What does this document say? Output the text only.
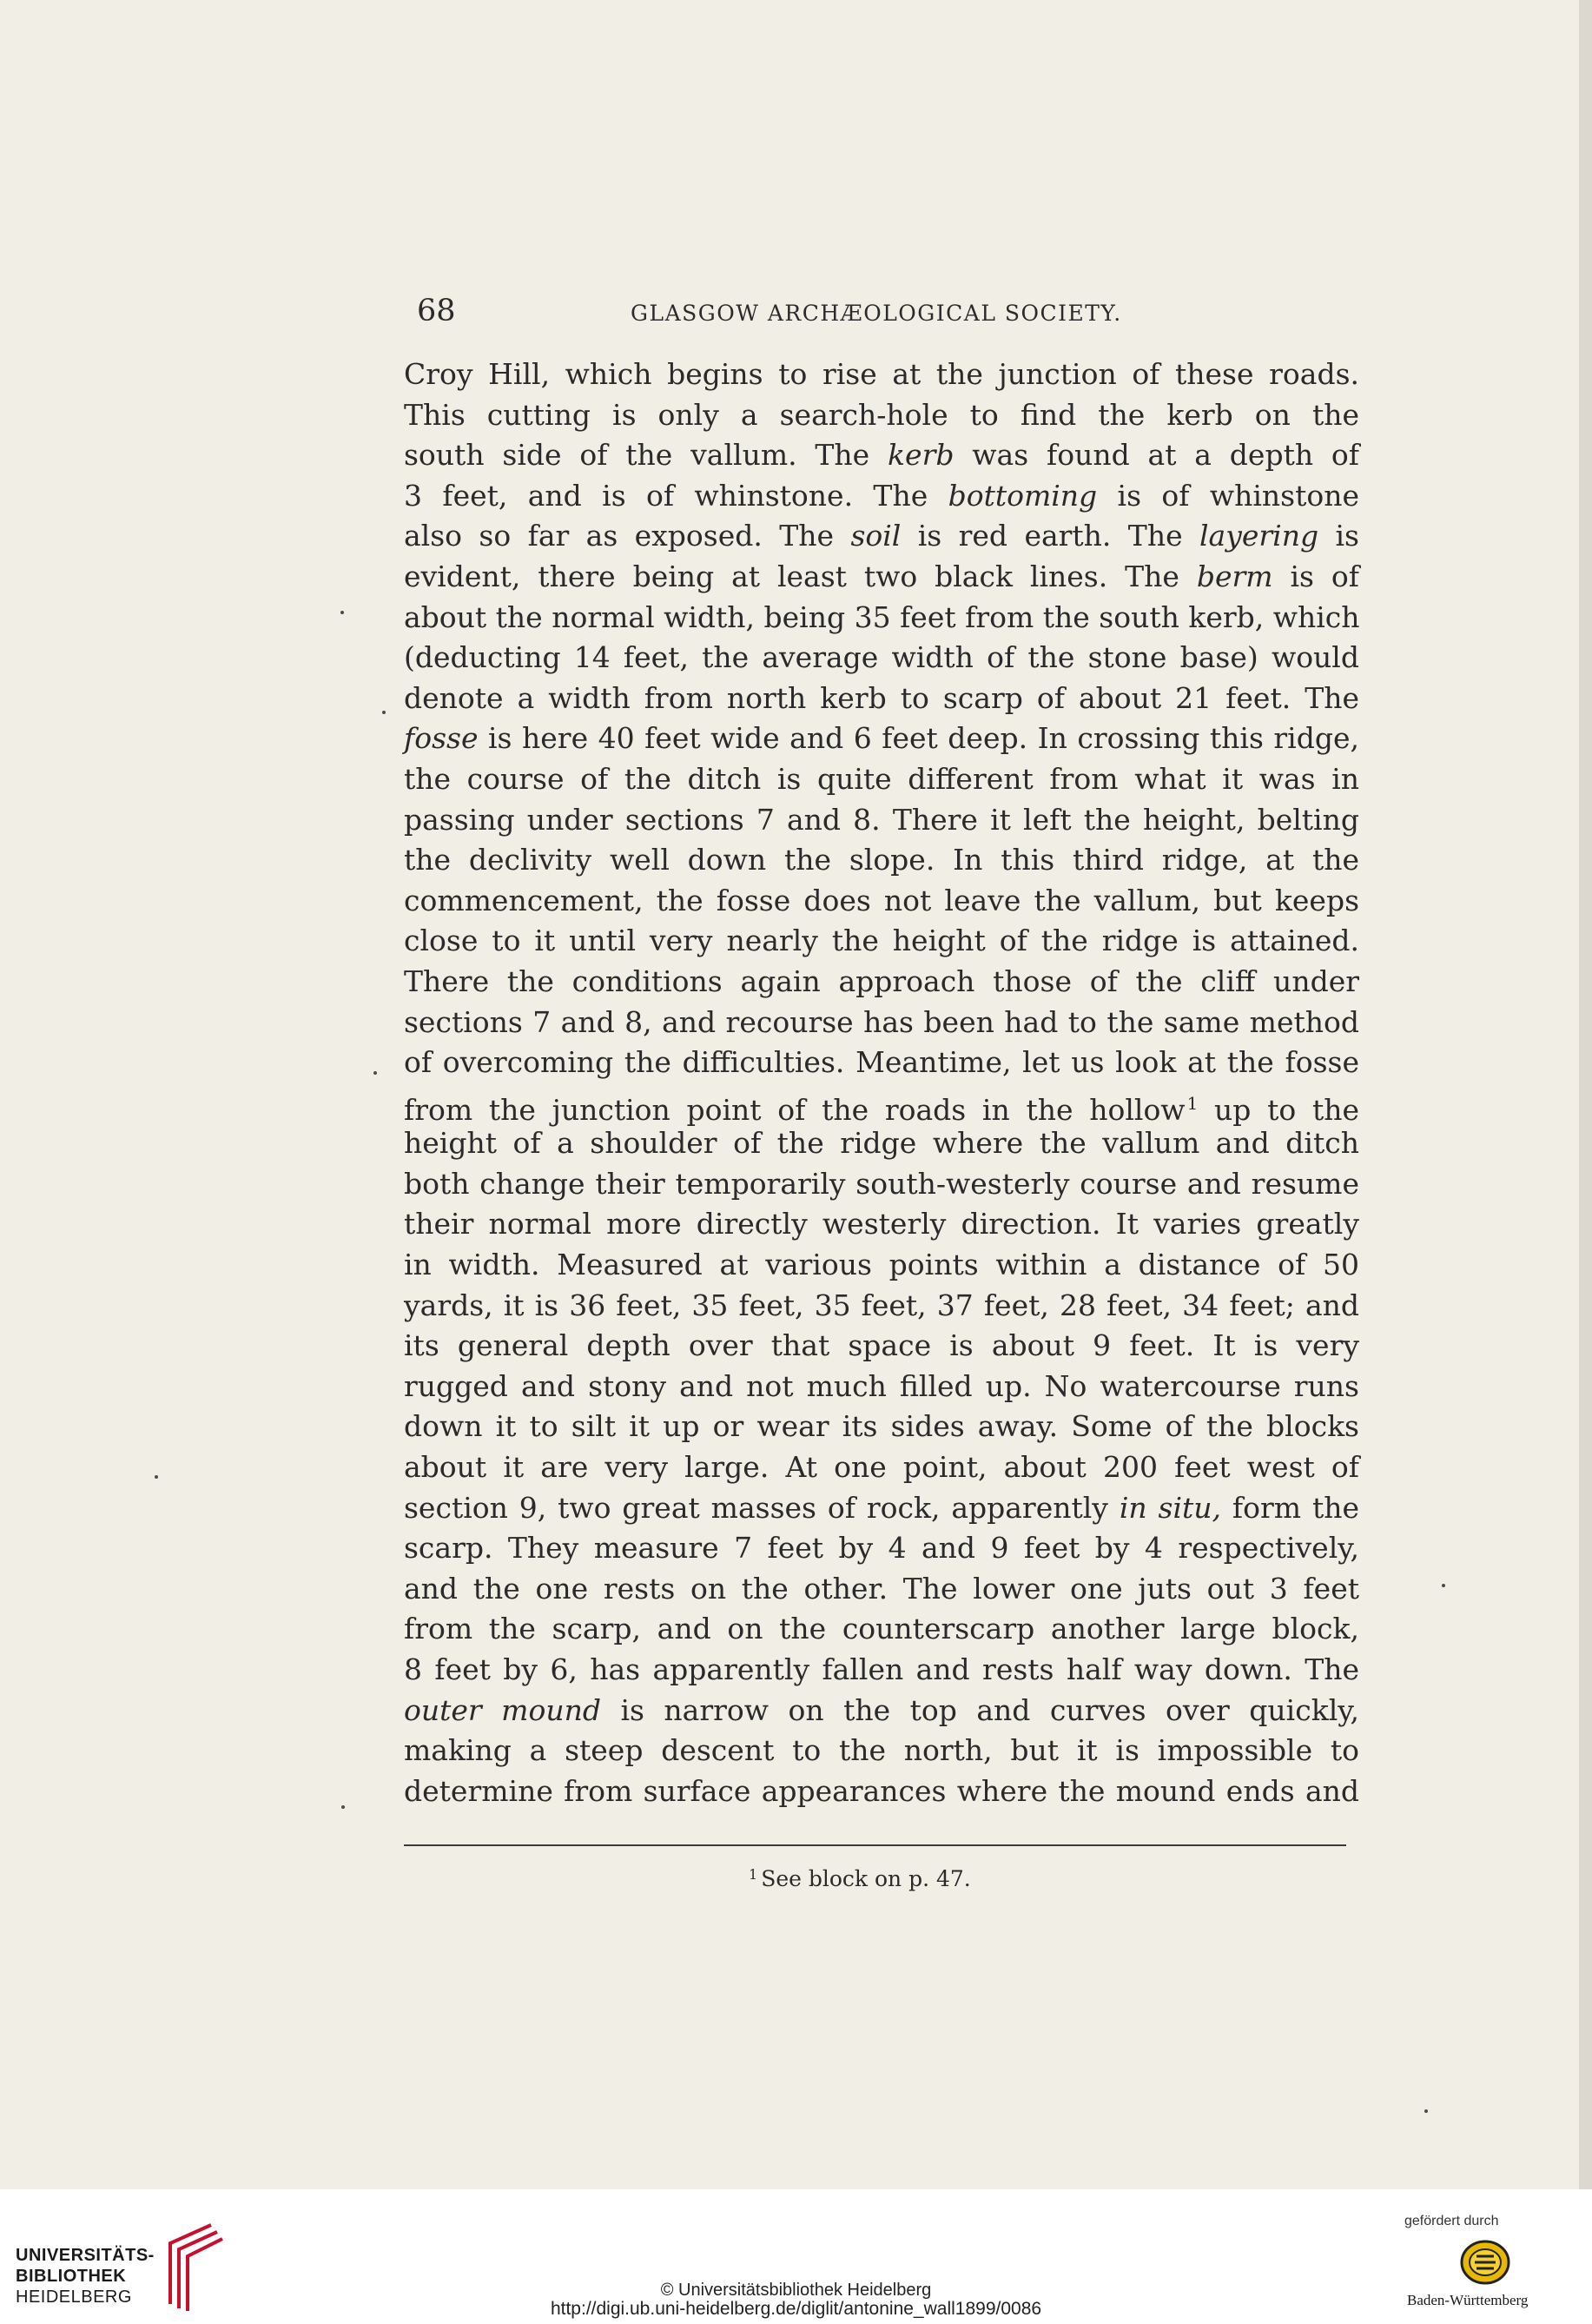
68	GLASGOW ARCHÆOLOGICAL SOCIETY.
Croy Hill, which begins to rise at the junction of these roads.
This cutting is only a search-hole to find the kerb on the
south side of the vallum. The kerb was found at a depth of
3 feet, and is of whinstone. The bottoming is of whinstone
also so far as exposed. The soil is red earth. The layering is
evident, there being at least two black lines. The berm is of
about the normal width, being 35 feet from the south kerb, which
(deducting 14 feet, the average width of the stone base) would
denote a width from north kerb to scarp of about 21 feet. The
fosse is here 40 feet wide and 6 feet deep. In crossing this ridge,
the course of the ditch is quite different from what it was in
passing under sections 7 and 8. There it left the height, belting
the declivity well down the slope. In this third ridge, at the
commencement, the fosse does not leave the vallum, but keeps
close to it until very nearly the height of the ridge is attained.
There the conditions again approach those of the cliff under
sections 7 and 8, and recourse has been had to the same method
of overcoming the difficulties. Meantime, let us look at the fosse
from the junction point of the roads in the hollow $^1$ up to the
height of a shoulder of the ridge where the vallum and ditch
both change their temporarily south-westerly course and resume
their normal more directly westerly direction. It varies greatly
in width. Measured at various points within a distance of 50
yards, it is 36 feet, 35 feet, 35 feet, 37 feet, 28 feet, 34 feet; and
its general depth over that space is about 9 feet. It is very
rugged and stony and not much filled up. No watercourse runs
down it to silt it up or wear its sides away. Some of the blocks
about it are very large. At one point, about 200 feet west of
section 9, two great masses of rock, apparently in situ, form the
scarp. They measure 7 feet by 4 and 9 feet by 4 respectively,
and the one rests on the other. The lower one juts out 3 feet
from the scarp, and on the counterscarp another large block,
8 feet by 6, has apparently fallen and rests half way down. The
outer mound is narrow on the top and curves over quickly,
making a steep descent to the north, but it is impossible to
determine from surface appearances where the mound ends and
$^1$ See block on p. 47.
UNIVERSITÄTS-
BIBLIOTHEK
HEIDELBERG	© Universitätsbibliothek Heidelberg
http://digi.ub.uni-heidelberg.de/diglit/antonine_wall1899/0086
gefördert durch
Baden-Württemberg
